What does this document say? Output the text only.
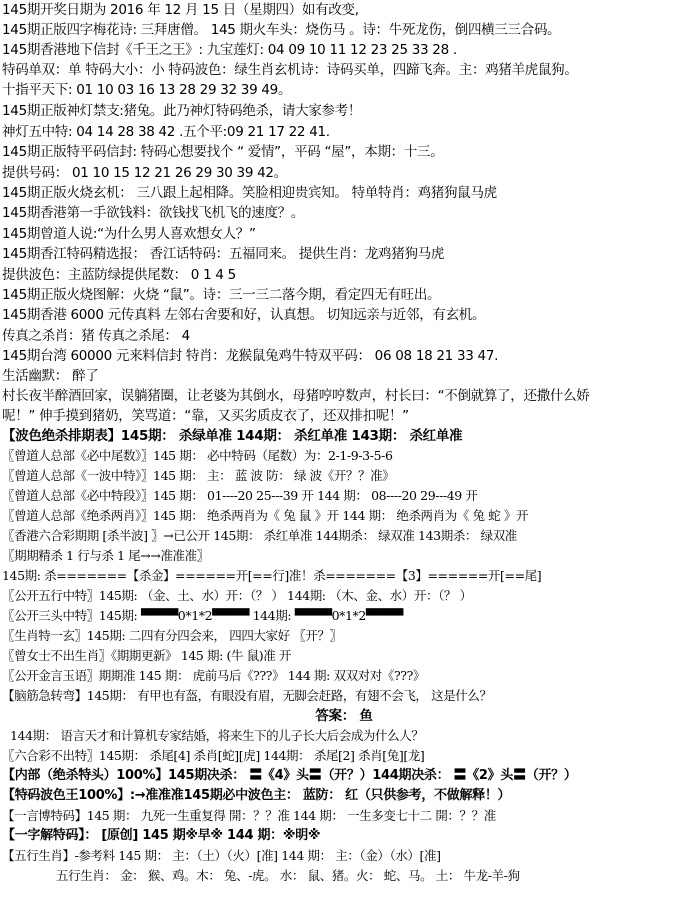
145期开奖日期为 2016 年 12 月 15 日（星期四）如有改变,
145期正版四字梅花诗: 三拜唐僧。 145 期火车头：烧伤马 。诗：牛死龙伤，倒四横三三合码。
145期香港地下信封《千王之王》: 九宝莲灯: 04 09 10 11 12 23 25 33 28 .
特码单双：单 特码大小：小 特码波色：绿生肖玄机诗：诗码买单，四蹄飞奔。主：鸡猪羊虎鼠狗。
十指平天下: 01 10 03 16 13 28 29 32 39 49。
145期正版神灯禁支:猪兔。此乃神灯特码绝杀，请大家参考！
神灯五中特: 04 14 28 38 42 .五个平:09 21 17 22 41.
145期正版特平码信封: 特码心想要找个 “ 爱情”，平码 “屋”，本期：十三。
提供号码： 01 10 15 12 21 26 29 30 39 42。
145期正版火烧玄机： 三八跟上起相降。笑脸相迎贵宾知。 特单特肖：鸡猪狗鼠马虎
145期香港第一手欲钱料：欲钱找飞机飞的速度？。
145期曾道人说:“为什么男人喜欢想女人？”
145期香江特码精选报： 香江话特码：五福同来。 提供生肖：龙鸡猪狗马虎
提供波色：主蓝防绿提供尾数： 0 1 4 5
145期正版火烧图解：火烧 “鼠”。诗：三一三二落今期，看定四无有旺出。
145期香港 6000 元传真料 左邻右舍要和好，认真想。 切知远亲与近邻，有玄机。
传真之杀肖：猪 传真之杀尾： 4
145期台湾 60000 元来料信封 特肖：龙猴鼠兔鸡牛特双平码： 06 08 18 21 33 47.
生活幽默： 醉了
村长夜半醉酒回家，误躺猪圈，让老婆为其倒水，母猪哼哼数声，村长曰：“不倒就算了，还撒什么娇
呢！” 伸手摸到猪奶，笑骂道：“靠，又买劣质皮衣了，还双排扣呢！”
【波色绝杀排期表】145期： 杀绿单准 144期： 杀红单准 143期： 杀红单准
〖曾道人总部《必中尾数》〗145 期： 必中特码（尾数）为：2-1-9-3-5-6
〖曾道人总部《一波中特》〗145 期： 主： 蓝 波 防： 绿 波《开？？准》
〖曾道人总部《必中特段》〗145 期： 01----20 25---39 开 144 期： 08----20 29---49 开
〖曾道人总部《绝杀两肖》〗145 期： 绝杀两肖为《 兔 鼠 》开 144 期： 绝杀两肖为《 兔 蛇 》开
〖香港六合彩期期 [杀半波] 〗→已公开 145期： 杀红单准 144期杀： 绿双准 143期杀： 绿双准
〖期期精杀 1 行与杀 1 尾→→准准准〗
145期: 杀=======【杀金】======开[==行]准！杀=======【3】======开[==尾]
〖公开五行中特〗145期: （金、土、水）开：（？ ） 144期: （木、金、水）开：（？ ）
〖公开三头中特〗145期: ▀▀▀▀0*1*2▀▀▀▀ 144期: ▀▀▀▀0*1*2▀▀▀▀
〖生肖特一玄〗145期: 二四有分四会来， 四四大家好 〖开？〗
〖曾女士不出生肖〗《期期更新》 145 期: (牛 鼠)准 开
〖公开金言玉语〗期期准 145 期： 虎前马后《???》 144 期: 双双对对《???》
【脑筋急转弯】145期： 有甲也有盔，有眼没有眉，无脚会赶路，有翅不会飞， 这是什么？
答案： 鱼
144期： 语言天才和计算机专家结婚，将来生下的儿子长大后会成为什么人？
〖六合彩不出特〗145期： 杀尾[4] 杀肖[蛇][虎] 144期： 杀尾[2] 杀肖[兔][龙]
【内部（绝杀特头）100%】145期决杀： 〓《4》头〓（开？）144期决杀： 〓《2》头〓（开？）
【特码波色王100%】:→准准准145期必中波色主： 蓝防： 红（只供参考，不做解释！）
【一言博特码】145 期： 九死一生重复得 開：？？准 144 期： 一生多变七十二 開：？？准
【一字解特码】： [原创] 145 期※早※ 144 期：※明※
【五行生肖】-参考料 145 期： 主：（土）（火）[准] 144 期： 主：（金）（水）[准]
五行生肖： 金： 猴、鸡。木： 兔、-虎。 水： 鼠、猪。火： 蛇、马。 土： 牛龙-羊-狗
